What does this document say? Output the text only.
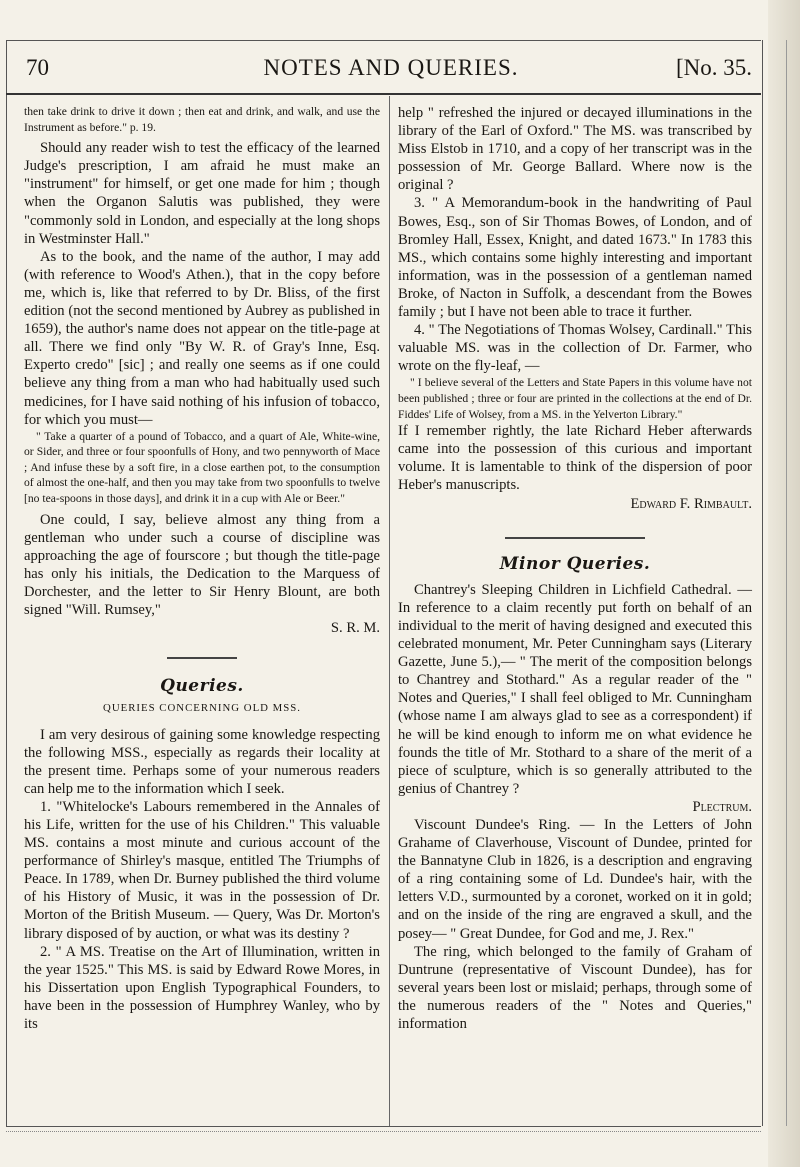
70	NOTES AND QUERIES.	[No. 35.

then take drink to drive it down ; then eat and drink, and walk, and use the Instrument as before." p. 19.

Should any reader wish to test the efficacy of the learned Judge's prescription, I am afraid he must make an "instrument" for himself, or get one made for him ; though when the Organon Salutis was published, they were "commonly sold in London, and especially at the long shops in Westminster Hall."

As to the book, and the name of the author, I may add (with reference to Wood's Athen.), that in the copy before me, which is, like that referred to by Dr. Bliss, of the first edition (not the second mentioned by Aubrey as published in 1659), the author's name does not appear on the title-page at all. There we find only "By W. R. of Gray's Inne, Esq. Experto credo" [sic] ; and really one seems as if one could believe any thing from a man who had habitually used such medicines, for I have said nothing of his infusion of tobacco, for which you must—

" Take a quarter of a pound of Tobacco, and a quart of Ale, White-wine, or Sider, and three or four spoonfulls of Hony, and two pennyworth of Mace ; And infuse these by a soft fire, in a close earthen pot, to the consumption of almost the one-half, and then you may take from two spoonfulls to twelve [no tea-spoons in those days], and drink it in a cup with Ale or Beer."

One could, I say, believe almost any thing from a gentleman who under such a course of discipline was approaching the age of fourscore ; but though the title-page has only his initials, the Dedication to the Marquess of Dorchester, and the letter to Sir Henry Blount, are both signed "Will. Rumsey,"

S. R. M.

Queries.

QUERIES CONCERNING OLD MSS.

I am very desirous of gaining some knowledge respecting the following MSS., especially as regards their locality at the present time. Perhaps some of your numerous readers can help me to the information which I seek.

1. "Whitelocke's Labours remembered in the Annales of his Life, written for the use of his Children." This valuable MS. contains a most minute and curious account of the performance of Shirley's masque, entitled The Triumphs of Peace. In 1789, when Dr. Burney published the third volume of his History of Music, it was in the possession of Dr. Morton of the British Museum. — Query, Was Dr. Morton's library disposed of by auction, or what was its destiny ?

2. " A MS. Treatise on the Art of Illumination, written in the year 1525." This MS. is said by Edward Rowe Mores, in his Dissertation upon English Typographical Founders, to have been in the possession of Humphrey Wanley, who by its

help " refreshed the injured or decayed illuminations in the library of the Earl of Oxford." The MS. was transcribed by Miss Elstob in 1710, and a copy of her transcript was in the possession of Mr. George Ballard. Where now is the original ?

3. " A Memorandum-book in the handwriting of Paul Bowes, Esq., son of Sir Thomas Bowes, of London, and of Bromley Hall, Essex, Knight, and dated 1673." In 1783 this MS., which contains some highly interesting and important information, was in the possession of a gentleman named Broke, of Nacton in Suffolk, a descendant from the Bowes family ; but I have not been able to trace it further.

4. " The Negotiations of Thomas Wolsey, Cardinall." This valuable MS. was in the collection of Dr. Farmer, who wrote on the fly-leaf, —

" I believe several of the Letters and State Papers in this volume have not been published ; three or four are printed in the collections at the end of Dr. Fiddes' Life of Wolsey, from a MS. in the Yelverton Library."

If I remember rightly, the late Richard Heber afterwards came into the possession of this curious and important volume. It is lamentable to think of the dispersion of poor Heber's manuscripts.

Edward F. Rimbault.

Minor Queries.

Chantrey's Sleeping Children in Lichfield Cathedral. — In reference to a claim recently put forth on behalf of an individual to the merit of having designed and executed this celebrated monument, Mr. Peter Cunningham says (Literary Gazette, June 5.),— " The merit of the composition belongs to Chantrey and Stothard." As a regular reader of the " Notes and Queries," I shall feel obliged to Mr. Cunningham (whose name I am always glad to see as a correspondent) if he will be kind enough to inform me on what evidence he founds the title of Mr. Stothard to a share of the merit of a piece of sculpture, which is so generally attributed to the genius of Chantrey ?

Plectrum.

Viscount Dundee's Ring. — In the Letters of John Grahame of Claverhouse, Viscount of Dundee, printed for the Bannatyne Club in 1826, is a description and engraving of a ring containing some of Ld. Dundee's hair, with the letters V.D., surmounted by a coronet, worked on it in gold; and on the inside of the ring are engraved a skull, and the posey— " Great Dundee, for God and me, J. Rex."

The ring, which belonged to the family of Graham of Duntrune (representative of Viscount Dundee), has for several years been lost or mislaid; perhaps, through some of the numerous readers of the " Notes and Queries," information
